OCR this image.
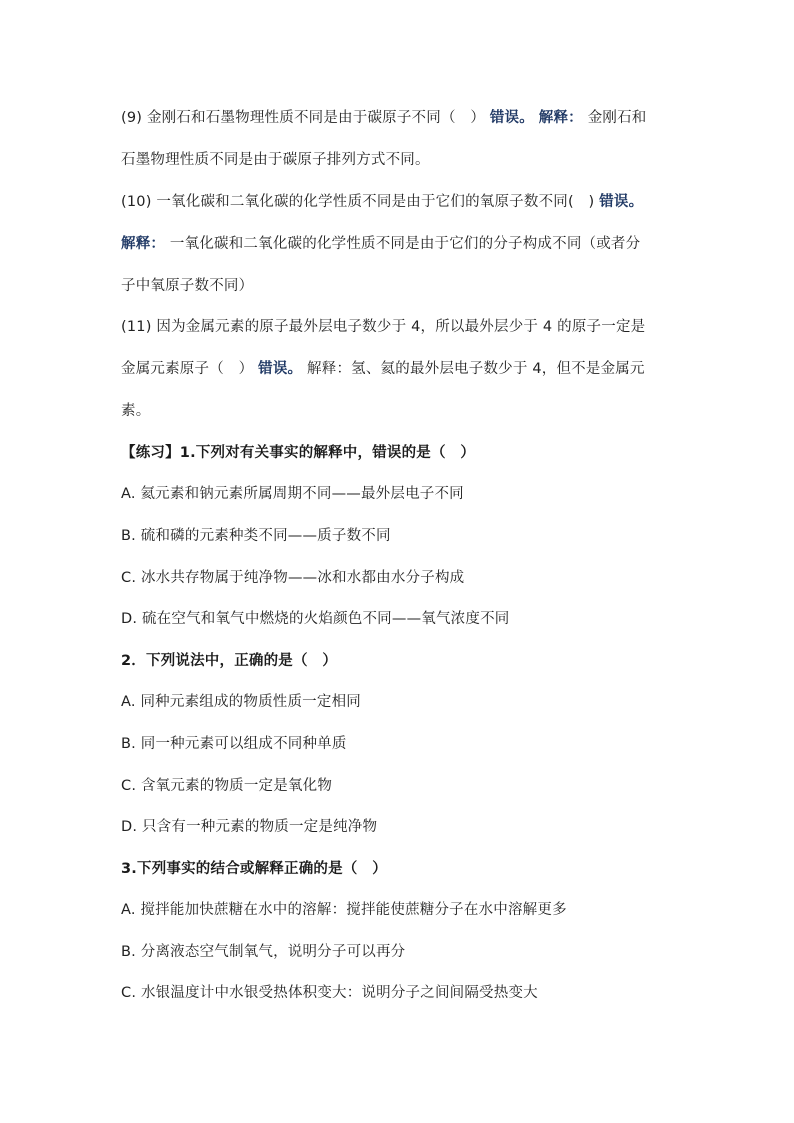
(9) 金刚石和石墨物理性质不同是由于碳原子不同（　） 错误。 解释： 金刚石和
石墨物理性质不同是由于碳原子排列方式不同。
(10) 一氧化碳和二氧化碳的化学性质不同是由于它们的氧原子数不同(　) 错误。
解释： 一氧化碳和二氧化碳的化学性质不同是由于它们的分子构成不同（或者分
子中氧原子数不同）
(11) 因为金属元素的原子最外层电子数少于 4，所以最外层少于 4 的原子一定是
金属元素原子（　） 错误。 解释：氢、氦的最外层电子数少于 4，但不是金属元
素。
【练习】1.下列对有关事实的解释中，错误的是（　）
A. 氦元素和钠元素所属周期不同——最外层电子不同
B. 硫和磷的元素种类不同——质子数不同
C. 冰水共存物属于纯净物——冰和水都由水分子构成
D. 硫在空气和氧气中燃烧的火焰颜色不同——氧气浓度不同
2．下列说法中，正确的是（　）
A. 同种元素组成的物质性质一定相同
B. 同一种元素可以组成不同种单质
C. 含氧元素的物质一定是氧化物
D. 只含有一种元素的物质一定是纯净物
3.下列事实的结合或解释正确的是（　）
A. 搅拌能加快蔗糖在水中的溶解：搅拌能使蔗糖分子在水中溶解更多
B. 分离液态空气制氧气，说明分子可以再分
C. 水银温度计中水银受热体积变大：说明分子之间间隔受热变大
